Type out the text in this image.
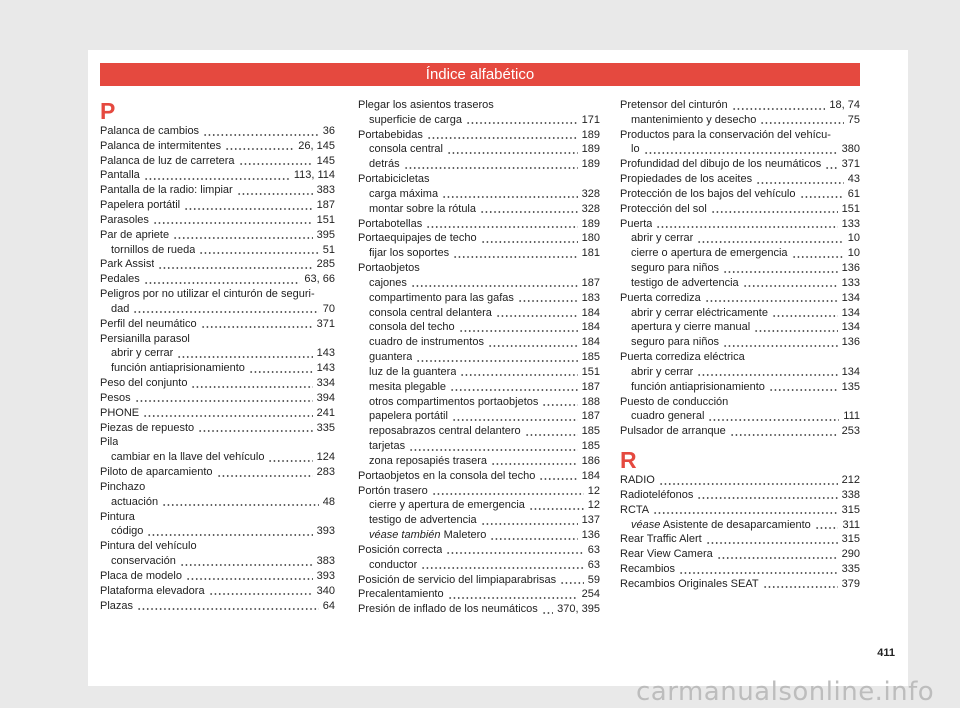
Índice alfabético
P
Palanca de cambios	36
Palanca de intermitentes	26, 145
Palanca de luz de carretera	145
Pantalla	113, 114
Pantalla de la radio: limpiar	383
Papelera portátil	187
Parasoles	151
Par de apriete	395
tornillos de rueda	51
Park Assist	285
Pedales	63, 66
Peligros por no utilizar el cinturón de seguri-
dad	70
Perfil del neumático	371
Persianilla parasol
abrir y cerrar	143
función antiaprisionamiento	143
Peso del conjunto	334
Pesos	394
PHONE	241
Piezas de repuesto	335
Pila
cambiar en la llave del vehículo	124
Piloto de aparcamiento	283
Pinchazo
actuación	48
Pintura
código	393
Pintura del vehículo
conservación	383
Placa de modelo	393
Plataforma elevadora	340
Plazas	64
Plegar los asientos traseros
superficie de carga	171
Portabebidas	189
consola central	189
detrás	189
Portabicicletas
carga máxima	328
montar sobre la rótula	328
Portabotellas	189
Portaequipajes de techo	180
fijar los soportes	181
Portaobjetos
cajones	187
compartimento para las gafas	183
consola central delantera	184
consola del techo	184
cuadro de instrumentos	184
guantera	185
luz de la guantera	151
mesita plegable	187
otros compartimentos portaobjetos	188
papelera portátil	187
reposabrazos central delantero	185
tarjetas	185
zona reposapiés trasera	186
Portaobjetos en la consola del techo	184
Portón trasero	12
cierre y apertura de emergencia	12
testigo de advertencia	137
véase también Maletero	136
Posición correcta	63
conductor	63
Posición de servicio del limpiaparabrisas	59
Precalentamiento	254
Presión de inflado de los neumáticos 370, 395
Pretensor del cinturón	18, 74
mantenimiento y desecho	75
Productos para la conservación del vehícu-
lo	380
Profundidad del dibujo de los neumáticos 371
Propiedades de los aceites	43
Protección de los bajos del vehículo	61
Protección del sol	151
Puerta	133
abrir y cerrar	10
cierre o apertura de emergencia	10
seguro para niños	136
testigo de advertencia	133
Puerta corrediza	134
abrir y cerrar eléctricamente	134
apertura y cierre manual	134
seguro para niños	136
Puerta corrediza eléctrica
abrir y cerrar	134
función antiaprisionamiento	135
Puesto de conducción
cuadro general	111
Pulsador de arranque	253
R
RADIO	212
Radioteléfonos	338
RCTA	315
véase Asistente de desaparcamiento	311
Rear Traffic Alert	315
Rear View Camera	290
Recambios	335
Recambios Originales SEAT	379
411
carmanualsonline.info
